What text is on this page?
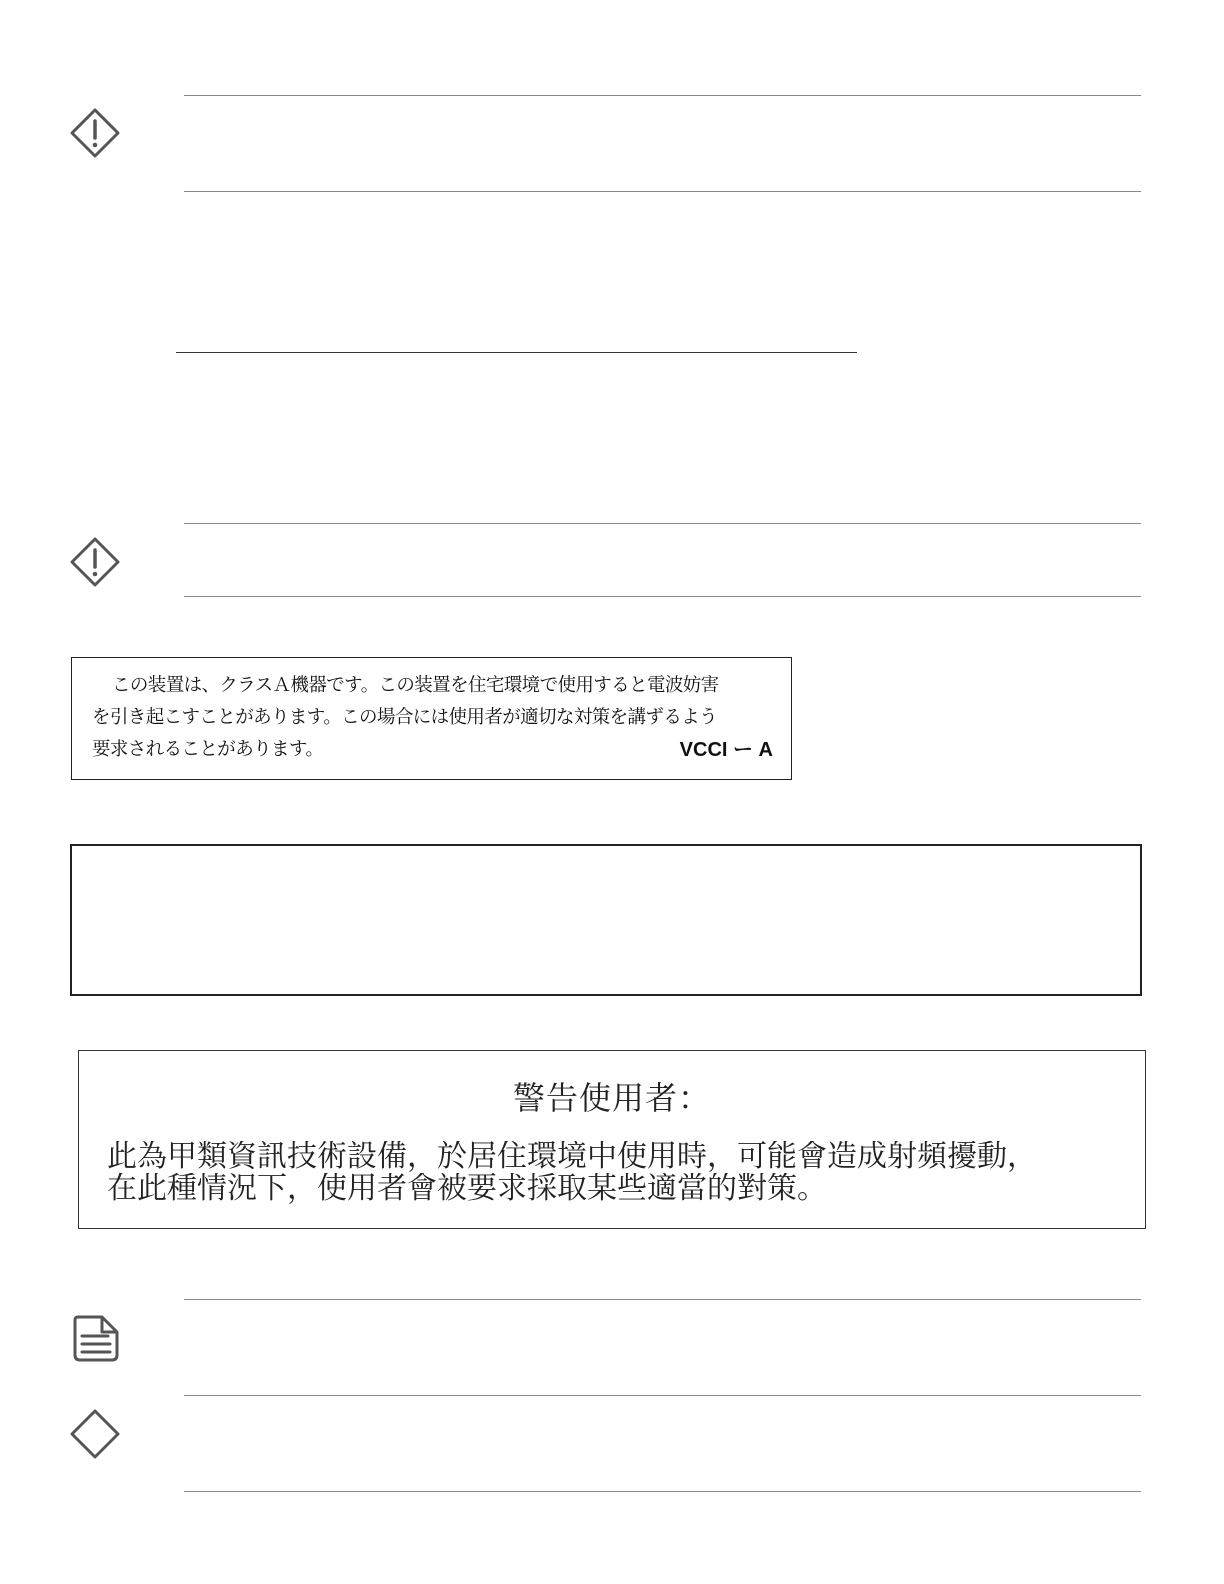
この装置は、クラスＡ機器です。この装置を住宅環境で使用すると電波妨害
を引き起こすことがあります。この場合には使用者が適切な対策を講ずるよう
要求されることがあります。	VCCI ー A
警告使用者：
此為甲類資訊技術設備，於居住環境中使用時，可能會造成射頻擾動，
在此種情況下，使用者會被要求採取某些適當的對策。
